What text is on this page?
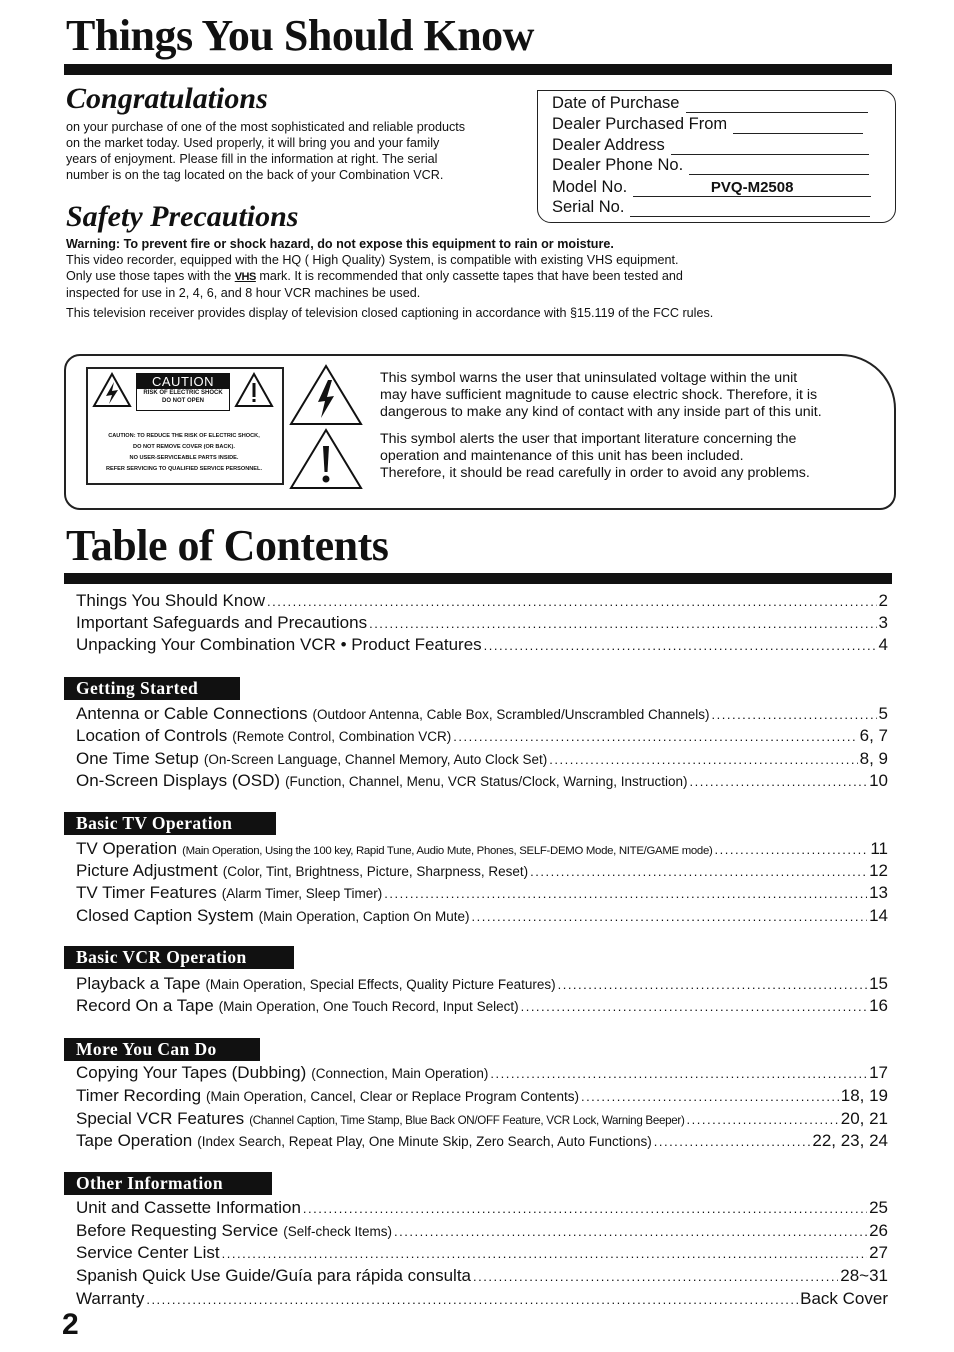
Things You Should Know
Congratulations
on your purchase of one of the most sophisticated and reliable products
on the market today. Used properly, it will bring you and your family
years of enjoyment. Please fill in the information at right. The serial
number is on the tag located on the back of your Combination VCR.
Date of Purchase
Dealer Purchased From
Dealer Address
Dealer Phone No.
Model No.	PVQ-M2508
Serial No.
Safety Precautions
Warning: To prevent fire or shock hazard, do not expose this equipment to rain or moisture.
This video recorder, equipped with the HQ ( High Quality) System, is compatible with existing VHS equipment.
Only use those tapes with the VHS mark. It is recommended that only cassette tapes that have been tested and
inspected for use in 2, 4, 6, and 8 hour VCR machines be used.
This television receiver provides display of television closed captioning in accordance with §15.119 of the FCC rules.
CAUTION
RISK OF ELECTRIC SHOCK
DO NOT OPEN
CAUTION: TO REDUCE THE RISK OF ELECTRIC SHOCK,
DO NOT REMOVE COVER (OR BACK).
NO USER-SERVICEABLE PARTS INSIDE.
REFER SERVICING TO QUALIFIED SERVICE PERSONNEL.
This symbol warns the user that uninsulated voltage within the unit
may have sufficient magnitude to cause electric shock. Therefore, it is
dangerous to make any kind of contact with any inside part of this unit.
This symbol alerts the user that important literature concerning the
operation and maintenance of this unit has been included.
Therefore, it should be read carefully in order to avoid any problems.
Table of Contents
Things You Should Know .....	2
Important Safeguards and Precautions .....	3
Unpacking Your Combination VCR • Product Features .....	4
Getting Started
Antenna or Cable Connections (Outdoor Antenna, Cable Box, Scrambled/Unscrambled Channels) .....	5
Location of Controls (Remote Control, Combination VCR) .....	6, 7
One Time Setup (On-Screen Language, Channel Memory, Auto Clock Set) .....	8, 9
On-Screen Displays (OSD) (Function, Channel, Menu, VCR Status/Clock, Warning, Instruction) .....	10
Basic TV Operation
TV Operation (Main Operation, Using the 100 key, Rapid Tune, Audio Mute, Phones, SELF-DEMO Mode, NITE/GAME mode) .....	11
Picture Adjustment (Color, Tint, Brightness, Picture, Sharpness, Reset) .....	12
TV Timer Features (Alarm Timer, Sleep Timer) .....	13
Closed Caption System (Main Operation, Caption On Mute) .....	14
Basic VCR Operation
Playback a Tape (Main Operation, Special Effects, Quality Picture Features) .....	15
Record On a Tape (Main Operation, One Touch Record, Input Select) .....	16
More You Can Do
Copying Your Tapes (Dubbing) (Connection, Main Operation) .....	17
Timer Recording (Main Operation, Cancel, Clear or Replace Program Contents) .....	18, 19
Special VCR Features (Channel Caption, Time Stamp, Blue Back ON/OFF Feature, VCR Lock, Warning Beeper) .....	20, 21
Tape Operation (Index Search, Repeat Play, One Minute Skip, Zero Search, Auto Functions) .....	22, 23, 24
Other Information
Unit and Cassette Information .....	25
Before Requesting Service (Self-check Items) .....	26
Service Center List .....	27
Spanish Quick Use Guide/Guía para rápida consulta .....	28~31
Warranty .....	Back Cover
2
